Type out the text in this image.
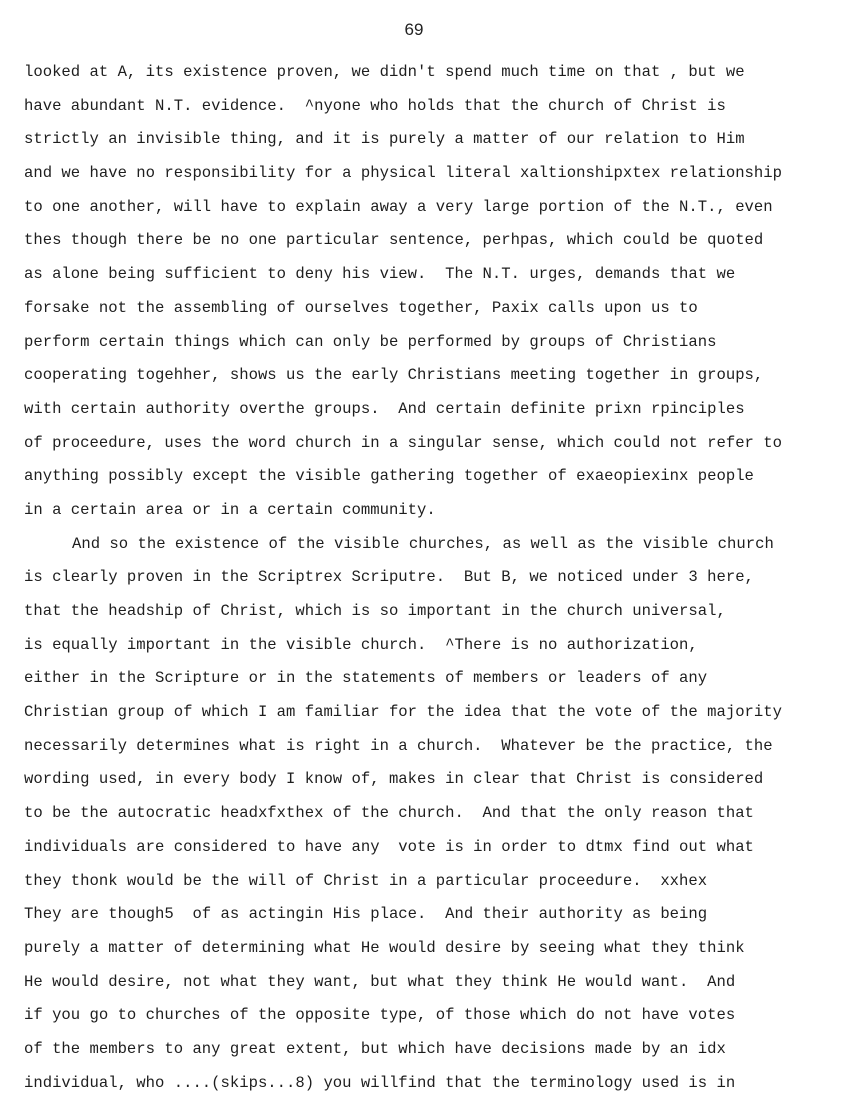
69
looked at A, its existence proven, we didn't spend much time on that , but we
have abundant N.T. evidence.  ^nyone who holds that the church of Christ is
strictly an invisible thing, and it is purely a matter of our relation to Him
and we have no responsibility for a physical literal xaltionshipxtex relationship
to one another, will have to explain away a very large portion of the N.T., even
thes though there be no one particular sentence, perhpas, which could be quoted
as alone being sufficient to deny his view.  The N.T. urges, demands that we
forsake not the assembling of ourselves together, Paxix calls upon us to
perform certain things which can only be performed by groups of Christians
cooperating togehher, shows us the early Christians meeting together in groups,
with certain authority overthe groups.  And certain definite prixn rpinciples
of proceedure, uses the word church in a singular sense, which could not refer to
anything possibly except the visible gathering together of exaeopiexinx people
in a certain area or in a certain community.
And so the existence of the visible churches, as well as the visible church
is clearly proven in the Scriptrex Scriputre.  But B, we noticed under 3 here,
that the headship of Christ, which is so important in the church universal,
is equally important in the visible church.  ^There is no authorization,
either in the Scripture or in the statements of members or leaders of any
Christian group of which I am familiar for the idea that the vote of the majority
necessarily determines what is right in a church.  Whatever be the practice, the
wording used, in every body I know of, makes in clear that Christ is considered
to be the autocratic headxfxthex of the church.  And that the only reason that
individuals are considered to have any  vote is in order to dtmx find out what
they thonk would be the will of Christ in a particular proceedure.  xxhex
They are though5  of as actingin His place.  And their authority as being
purely a matter of determining what He would desire by seeing what they think
He would desire, not what they want, but what they think He would want.  And
if you go to churches of the opposite type, of those which do not have votes
of the members to any great extent, but which have decisions made by an idx
individual, who ....(skips...8) you willfind that the terminology used is in
